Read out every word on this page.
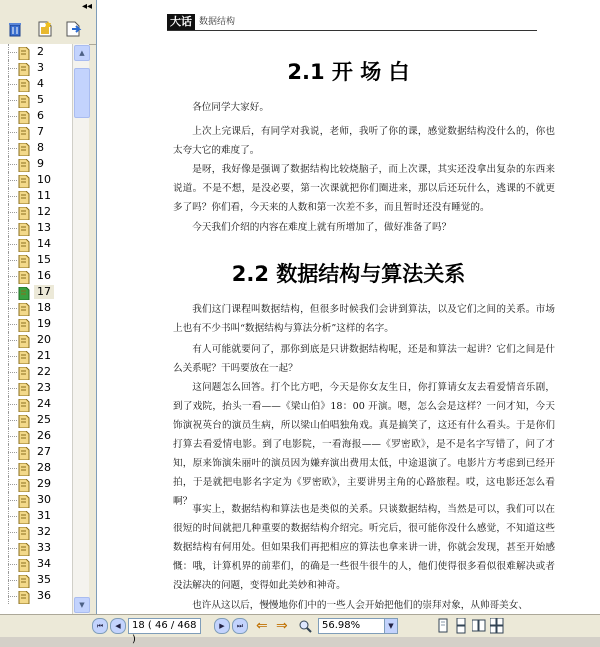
◂◂
2
3
4
5
6
7
8
9
10
11
12
13
14
15
16
17
18
19
20
21
22
23
24
25
26
27
28
29
30
31
32
33
34
35
36
▲
▼
大话 数据结构
2.1 开 场 白

各位同学大家好。

上次上完课后，有同学对我说，老师，我听了你的课，感觉数据结构没什么的，你也太夸大它的难度了。

是呀，我好像是强调了数据结构比较烧脑子，而上次课，其实还没拿出复杂的东西来说道。不是不想，是没必要，第一次课就把你们圈进来，那以后还玩什么，逃课的不就更多了吗？你们看，今天来的人数和第一次差不多，而且暂时还没有睡觉的。

今天我们介绍的内容在难度上就有所增加了，做好准备了吗？

2.2 数据结构与算法关系

我们这门课程叫数据结构，但很多时候我们会讲到算法，以及它们之间的关系。市场上也有不少书叫“数据结构与算法分析”这样的名字。

有人可能就要问了，那你到底是只讲数据结构呢，还是和算法一起讲？它们之间是什么关系呢？干吗要放在一起？

这问题怎么回答。打个比方吧，今天是你女友生日，你打算请女友去看爱情音乐剧，到了戏院，抬头一看——《梁山伯》18：00 开演。嗯，怎么会是这样？一问才知，今天饰演祝英台的演员生病，所以梁山伯唱独角戏。真是搞笑了，这还有什么看头。于是你们打算去看爱情电影。到了电影院，一看海报——《罗密欧》，是不是名字写错了，问了才知，原来饰演朱丽叶的演员因为嫌弃演出费用太低，中途退演了。电影片方考虑到已经开拍，于是就把电影名字定为《罗密欧》，主要讲男主角的心路旅程。哎，这电影还怎么看啊？

事实上，数据结构和算法也是类似的关系。只谈数据结构，当然是可以，我们可以在很短的时间就把几种重要的数据结构介绍完。听完后，很可能你没什么感觉，不知道这些数据结构有何用处。但如果我们再把相应的算法也拿来讲一讲，你就会发现，甚至开始感慨：哦，计算机界的前辈们，的确是一些很牛很牛的人，他们使得很多看似很难解决或者没法解决的问题，变得如此美妙和神奇。

也许从这以后，慢慢地你们中的一些人会开始把他们的崇拜对象，从帅哥美女、

⏮	◀	18 ( 46 / 468 )
▶	⏭ ⇐ ⇒	56.98%	▼
